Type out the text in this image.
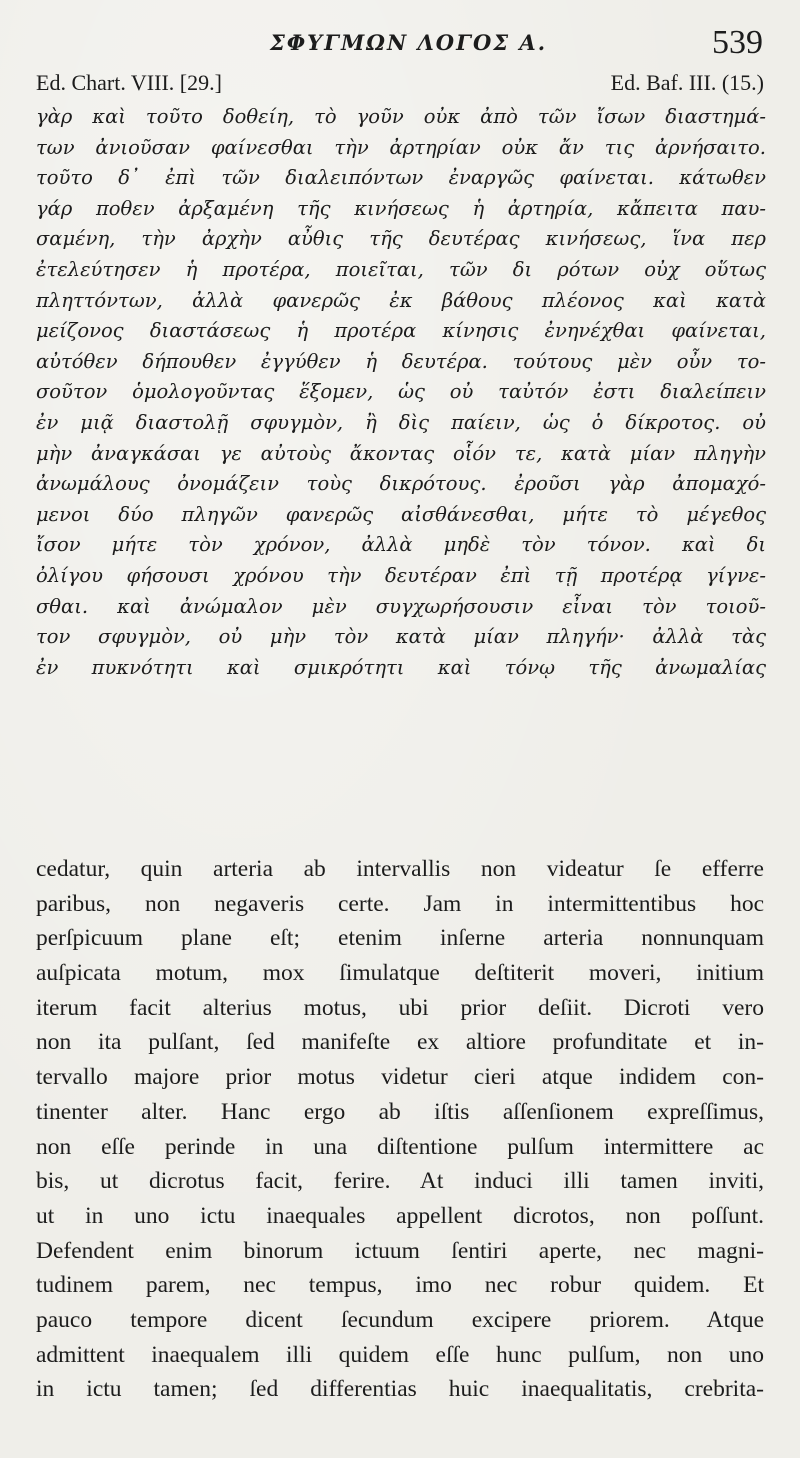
ΣΦΥΓΜΩΝ ΛΟΓΟΣ Α.	539
Ed. Chart. VIII. [29.]	Ed. Baf. III. (15.)
γὰρ καὶ τοῦτο δοθείη, τὸ γοῦν οὐκ ἀπὸ τῶν ἴσων διαστημά-
των ἀνιοῦσαν φαίνεσθαι τὴν ἀρτηρίαν οὐκ ἄν τις ἀρνήσαιτο.
τοῦτο δ᾽ ἐπὶ τῶν διαλειπόντων ἐναργῶς φαίνεται. κάτωθεν
γάρ ποθεν ἀρξαμένη τῆς κινήσεως ἡ ἀρτηρία, κἄπειτα παυ-
σαμένη, τὴν ἀρχὴν αὖθις τῆς δευτέρας κινήσεως, ἵνα περ
ἐτελεύτησεν ἡ προτέρα, ποιεῖται, τῶν δι ρότων οὐχ οὕτως
πληττόντων, ἀλλὰ φανερῶς ἐκ βάθους πλέονος καὶ κατὰ
μείζονος διαστάσεως ἡ προτέρα κίνησις ἐνηνέχθαι φαίνεται,
αὐτόθεν δήπουθεν ἐγγύθεν ἡ δευτέρα. τούτους μὲν οὖν το-
σοῦτον ὁμολογοῦντας ἕξομεν, ὡς οὐ ταὐτόν ἐστι διαλείπειν
ἐν μιᾷ διαστολῇ σφυγμὸν, ἢ δὶς παίειν, ὡς ὁ δίκροτος. οὐ
μὴν ἀναγκάσαι γε αὐτοὺς ἄκοντας οἷόν τε, κατὰ μίαν πληγὴν
ἀνωμάλους ὀνομάζειν τοὺς δικρότους. ἐροῦσι γὰρ ἀπομαχό-
μενοι δύο πληγῶν φανερῶς αἰσθάνεσθαι, μήτε τὸ μέγεθος
ἴσον μήτε τὸν χρόνον, ἀλλὰ μηδὲ τὸν τόνον. καὶ δι
ὀλίγου φήσουσι χρόνου τὴν δευτέραν ἐπὶ τῇ προτέρᾳ γίγνε-
σθαι. καὶ ἀνώμαλον μὲν συγχωρήσουσιν εἶναι τὸν τοιοῦ-
τον σφυγμὸν, οὐ μὴν τὸν κατὰ μίαν πληγήν· ἀλλὰ τὰς
ἐν πυκνότητι καὶ σμικρότητι καὶ τόνῳ τῆς ἀνωμαλίας
cedatur, quin arteria ab intervallis non videatur ſe efferre
paribus, non negaveris certe. Jam in intermittentibus hoc
perſpicuum plane eſt; etenim inſerne arteria nonnunquam
auſpicata motum, mox ſimulatque deſtiterit moveri, initium
iterum facit alterius motus, ubi prior deſiit. Dicroti vero
non ita pulſant, ſed manifeſte ex altiore profunditate et in-
tervallo majore prior motus videtur cieri atque indidem con-
tinenter alter. Hanc ergo ab iſtis aſſenſionem expreſſimus,
non eſſe perinde in una diſtentione pulſum intermittere ac
bis, ut dicrotus facit, ferire. At induci illi tamen inviti,
ut in uno ictu inaequales appellent dicrotos, non poſſunt.
Defendent enim binorum ictuum ſentiri aperte, nec magni-
tudinem parem, nec tempus, imo nec robur quidem. Et
pauco tempore dicent ſecundum excipere priorem. Atque
admittent inaequalem illi quidem eſſe hunc pulſum, non uno
in ictu tamen; ſed differentias huic inaequalitatis, crebrita-
